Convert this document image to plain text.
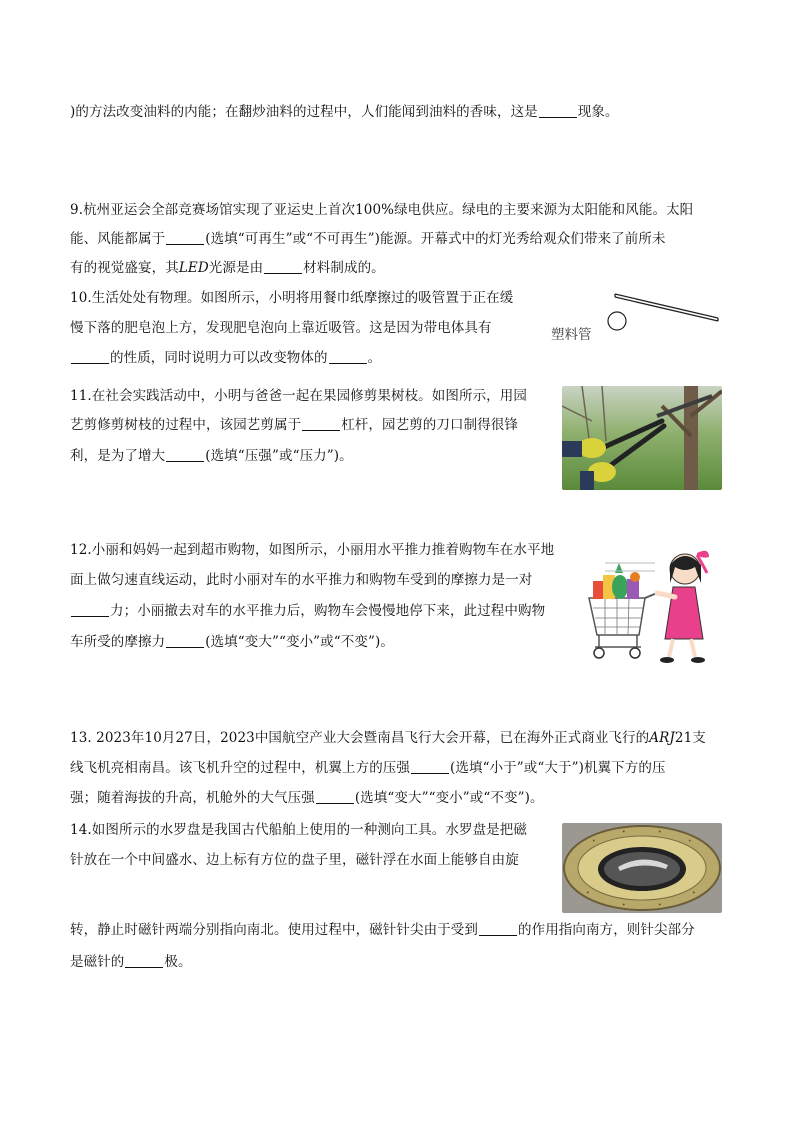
)的方法改变油料的内能；在翻炒油料的过程中，人们能闻到油料的香味，这是	现象。
9.杭州亚运会全部竞赛场馆实现了亚运史上首次100%绿电供应。绿电的主要来源为太阳能和风能。太阳
能、风能都属于	(选填“可再生”或“不可再生”)能源。开幕式中的灯光秀给观众们带来了前所未
有的视觉盛宴，其LED光源是由	材料制成的。
10.生活处处有物理。如图所示，小明将用餐巾纸摩擦过的吸管置于正在缓
慢下落的肥皂泡上方，发现肥皂泡向上靠近吸管。这是因为带电体具有
的性质，同时说明力可以改变物体的	。
塑料管
11.在社会实践活动中，小明与爸爸一起在果园修剪果树枝。如图所示，用园
艺剪修剪树枝的过程中，该园艺剪属于	杠杆，园艺剪的刀口制得很锋
利，是为了增大	(选填“压强”或“压力”)。
12.小丽和妈妈一起到超市购物，如图所示，小丽用水平推力推着购物车在水平地
面上做匀速直线运动，此时小丽对车的水平推力和购物车受到的摩擦力是一对
力；小丽撤去对车的水平推力后，购物车会慢慢地停下来，此过程中购物
车所受的摩擦力	(选填“变大”“变小”或“不变”)。
13. 2023年10月27日，2023中国航空产业大会暨南昌飞行大会开幕，已在海外正式商业飞行的ARJ21支
线飞机亮相南昌。该飞机升空的过程中，机翼上方的压强	(选填“小于”或“大于”)机翼下方的压
强；随着海拔的升高，机舱外的大气压强	(选填“变大”“变小”或“不变”)。
14.如图所示的水罗盘是我国古代船舶上使用的一种测向工具。水罗盘是把磁
针放在一个中间盛水、边上标有方位的盘子里，磁针浮在水面上能够自由旋
转，静止时磁针两端分别指向南北。使用过程中，磁针针尖由于受到	的作用指向南方，则针尖部分
是磁针的	极。
•
•	•
•
•
•	•
•
